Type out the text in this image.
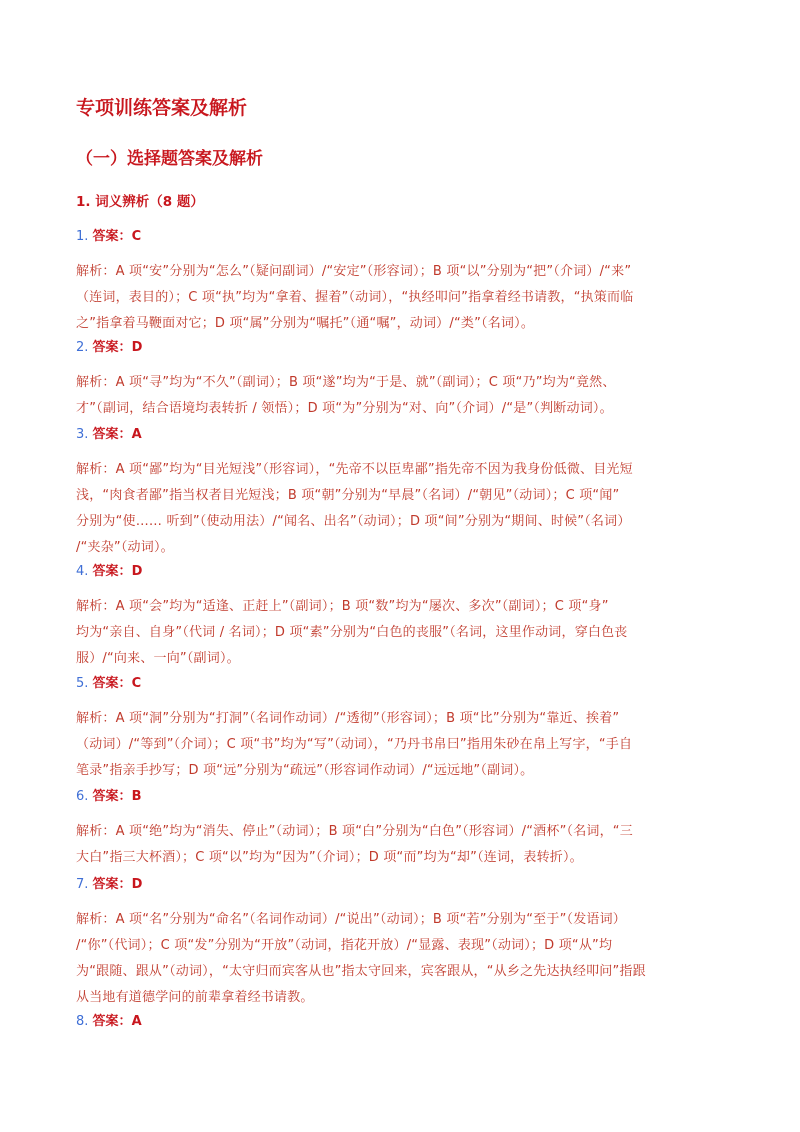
专项训练答案及解析
（一）选择题答案及解析
1. 词义辨析（8 题）
1. 答案：C
解析：A 项“安”分别为“怎么”（疑问副词）/“安定”（形容词）；B 项“以”分别为“把”（介词）/“来”
（连词，表目的）；C 项“执”均为“拿着、握着”（动词），“执经叩问”指拿着经书请教，“执策而临
之”指拿着马鞭面对它；D 项“属”分别为“嘱托”（通“嘱”，动词）/“类”（名词）。
2. 答案：D
解析：A 项“寻”均为“不久”（副词）；B 项“遂”均为“于是、就”（副词）；C 项“乃”均为“竟然、
才”（副词，结合语境均表转折 / 领悟）；D 项“为”分别为“对、向”（介词）/“是”（判断动词）。
3. 答案：A
解析：A 项“鄙”均为“目光短浅”（形容词），“先帝不以臣卑鄙”指先帝不因为我身份低微、目光短
浅，“肉食者鄙”指当权者目光短浅；B 项“朝”分别为“早晨”（名词）/“朝见”（动词）；C 项“闻”
分别为“使…… 听到”（使动用法）/“闻名、出名”（动词）；D 项“间”分别为“期间、时候”（名词）
/“夹杂”（动词）。
4. 答案：D
解析：A 项“会”均为“适逢、正赶上”（副词）；B 项“数”均为“屡次、多次”（副词）；C 项“身”
均为“亲自、自身”（代词 / 名词）；D 项“素”分别为“白色的丧服”（名词，这里作动词，穿白色丧
服）/“向来、一向”（副词）。
5. 答案：C
解析：A 项“洞”分别为“打洞”（名词作动词）/“透彻”（形容词）；B 项“比”分别为“靠近、挨着”
（动词）/“等到”（介词）；C 项“书”均为“写”（动词），“乃丹书帛曰”指用朱砂在帛上写字，“手自
笔录”指亲手抄写；D 项“远”分别为“疏远”（形容词作动词）/“远远地”（副词）。
6. 答案：B
解析：A 项“绝”均为“消失、停止”（动词）；B 项“白”分别为“白色”（形容词）/“酒杯”（名词，“三
大白”指三大杯酒）；C 项“以”均为“因为”（介词）；D 项“而”均为“却”（连词，表转折）。
7. 答案：D
解析：A 项“名”分别为“命名”（名词作动词）/“说出”（动词）；B 项“若”分别为“至于”（发语词）
/“你”（代词）；C 项“发”分别为“开放”（动词，指花开放）/“显露、表现”（动词）；D 项“从”均
为“跟随、跟从”（动词），“太守归而宾客从也”指太守回来，宾客跟从，“从乡之先达执经叩问”指跟
从当地有道德学问的前辈拿着经书请教。
8. 答案：A
